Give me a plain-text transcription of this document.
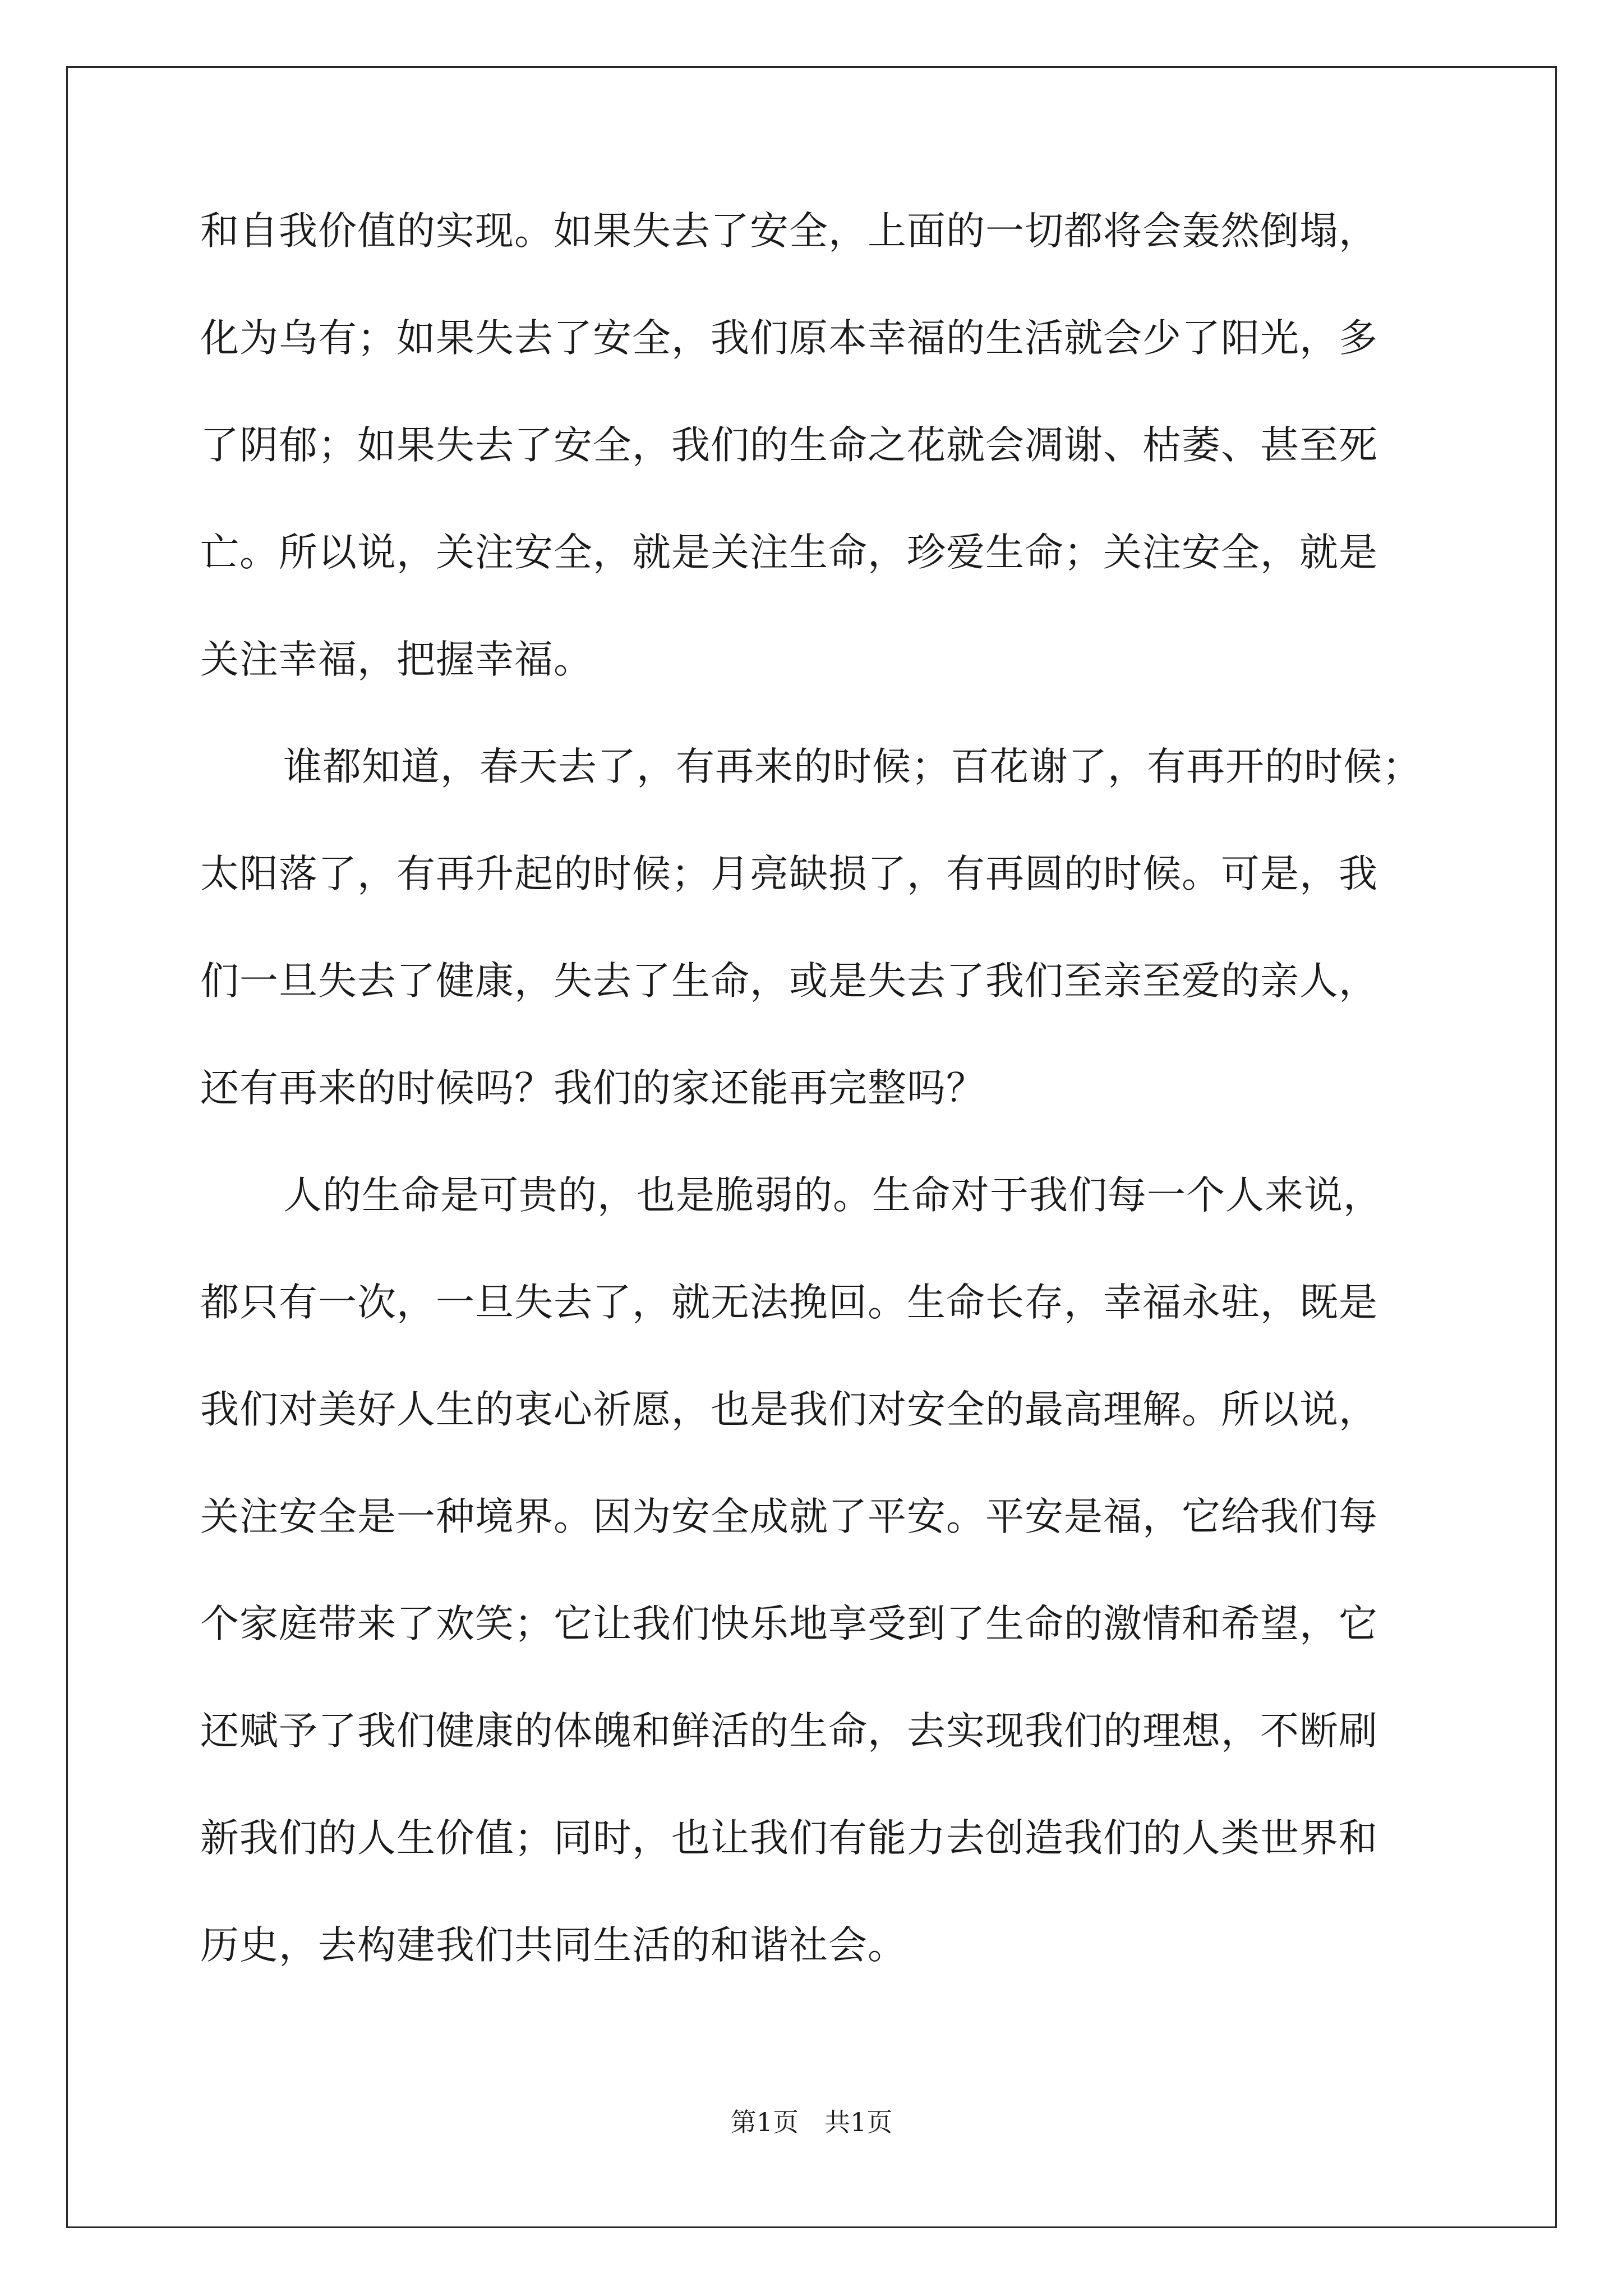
和自我价值的实现。如果失去了安全，上面的一切都将会轰然倒塌，
化为乌有；如果失去了安全，我们原本幸福的生活就会少了阳光，多
了阴郁；如果失去了安全，我们的生命之花就会凋谢、枯萎、甚至死
亡。所以说，关注安全，就是关注生命，珍爱生命；关注安全，就是
关注幸福，把握幸福。
谁都知道，春天去了，有再来的时候；百花谢了，有再开的时候；
太阳落了，有再升起的时候；月亮缺损了，有再圆的时候。可是，我
们一旦失去了健康，失去了生命，或是失去了我们至亲至爱的亲人，
还有再来的时候吗？我们的家还能再完整吗？
人的生命是可贵的，也是脆弱的。生命对于我们每一个人来说，
都只有一次，一旦失去了，就无法挽回。生命长存，幸福永驻，既是
我们对美好人生的衷心祈愿，也是我们对安全的最高理解。所以说，
关注安全是一种境界。因为安全成就了平安。平安是福，它给我们每
个家庭带来了欢笑；它让我们快乐地享受到了生命的激情和希望，它
还赋予了我们健康的体魄和鲜活的生命，去实现我们的理想，不断刷
新我们的人生价值；同时，也让我们有能力去创造我们的人类世界和
历史，去构建我们共同生活的和谐社会。
第1页　共1页
